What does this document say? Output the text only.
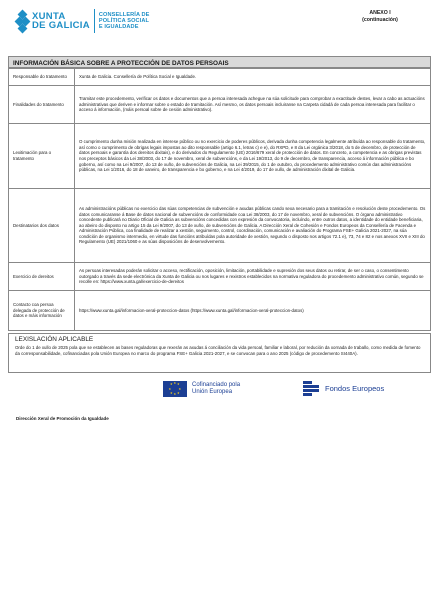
XUNTA
DE GALICIA
CONSELLERÍA DE
POLÍTICA SOCIAL
E IGUALDADE
ANEXO I
(continuación)
INFORMACIÓN BÁSICA SOBRE A PROTECCIÓN DE DATOS PERSOAIS
Responsable do tratamento	Xunta de Galicia. Consellería de Política Social e Igualdade.
Finalidades do tratamento	Tramitar este procedemento, verificar os datos e documentos que a persoa interesada achegue na súa solicitude para comprobar a exactitude destes, levar a cabo as actuacións administrativas que deriven e informar sobre o estado de tramitación. Así mesmo, os datos persoais incluiranse na Carpeta cidadá de cada persoa interesada para facilitar o acceso á información, (máis persoal sobre de cesión administrativo).
Lexitimación para o tratamento	O cumprimento dunha misión realizada en interese público ou no exercicio de poderes públicos, derivada dunha competencia legalmente atribuída ao responsable do tratamento, así como o cumprimento de obrigas legais impostas ao dito responsable (artigo 6.1, letras c) e e), do RXPD, e 8 da Lei orgánica 3/2018, do 5 de decembro, de protección de datos persoais e garantía dos dereitos dixitais), e do derivados do Regulamento (UE) 2016/679 xeral de protección de datos. En concreto, a competencia e as obrigas previstas nos preceptos básicos da Lei 38/2003, do 17 de novembro, xeral de subvencións, e da Lei 19/2013, do 9 de decembro, de transparencia, acceso á información pública e bo goberno, así como na Lei 9/2007, do 13 de xuño, de subvencións de Galicia, na Lei 39/2015, do 1 de outubro, do procedemento administrativo común das administracións públicas, na Lei 1/2016, do 18 de xaneiro, de transparencia e bo goberno, e na Lei 4/2019, do 17 de xullo, de administración dixital de Galicia.
Destinatarios dos datos	As administracións públicas no exercicio das súas competencias de subvención e axudas públicas cando sexa necesario para a tramitación e resolución deste procedemento. Os datos comunicaranse á Base de datos nacional de subvencións de conformidade coa Lei 38/2003, do 17 de novembro, xeral de subvencións. O órgano administrativo concedente publicará no Diario Oficial de Galicia as subvencións concedidas con expresión da convocatoria, incluíndo, entre outros datos, a identidade do entidade beneficiaria, ao abeiro do disposto no artigo 15 da Lei 9/2007, do 13 de xuño, de subvencións de Galicia. A Dirección Xeral de Cohesión e Fondos Europeos da Consellería de Facenda e Administración Pública, coa finalidade de realizar a xestión, seguimento, control, coordinación, comunicación e avaliación do Programa FSE+ Galicia 2021-2027, na súa condición de organismo intermedio, en virtude das funcións atribuídas pola autoridade de xestión, segundo o disposto nos artigos 72.1 e), 73, 74 e 82 e nos anexos XVII e XIII do Regulamento (UE) 2021/1060 e as súas disposicións de desenvolvemento.
Exercicio de dereitos	As persoas interesadas poderán solicitar o acceso, rectificación, oposición, limitación, portabilidade e supresión dos seus datos ou retirar, de ser o caso, o consentimento outorgado a través da sede electrónica da Xunta de Galicia ou nos lugares e rexistros establecidos na normativa reguladora do procedemento administrativo común, segundo se recolle en: https://www.xunta.gal/exercicio-de-dereitos
Contacto coa persoa delegada de protección de datos e máis información	https://www.xunta.gal/informacion-xeral-proteccion-datos (https://www.xunta.gal/informacion-xeral-proteccion-datos)
LEXISLACIÓN APLICABLE
Orde do 1 de xullo de 2025 pola que se establecen as bases reguladoras que rexerán as axudas á conciliación da vida persoal, familiar e laboral, por redución da xornada de traballo, como medida de fomento da corresponsabilidade, cofinanciadas pola Unión Europea no marco do programa FSE+ Galicia 2021-2027, e se convocan para o ano 2025 (código de procedemento SI440A).
★ ★
★
★
★
★
★
★	Cofinanciado pola
Unión Europea	Fondos Europeos
Dirección Xeral de Promoción da Igualdade
